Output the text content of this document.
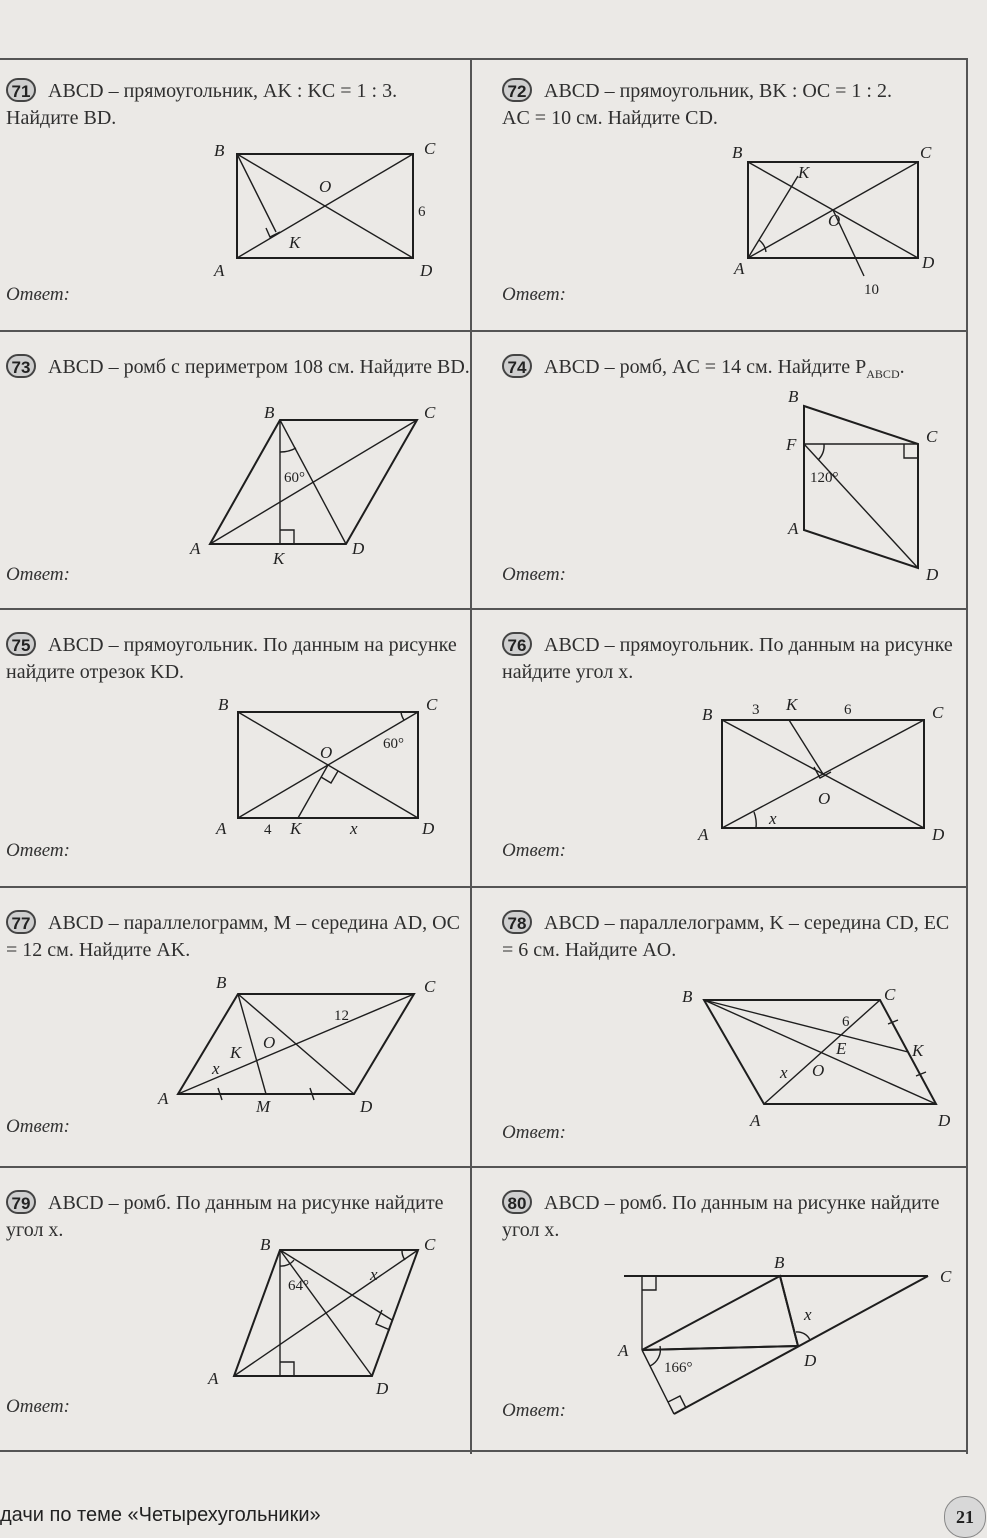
71 ABCD – прямоугольник, AK : KC = 1 : 3.
Найдите BD.
B	C
A	D
O
K
6
Ответ:
72 ABCD – прямоугольник, BK : OC = 1 : 2.
AC = 10 см. Найдите CD.
B	C
A	D
O
K
10
Ответ:
73 ABCD – ромб с периметром 108 см. Найдите BD.
B	C
A	D
K
60°
Ответ:
74 ABCD – ромб, AC = 14 см. Найдите $P_{ABCD}$.
B
C
A
D
F
120°
Ответ:
75 ABCD – прямоугольник. По данным на рисунке найдите отрезок KD.
B	C
A	D
O
K
60°
4	x
Ответ:
76 ABCD – прямоугольник. По данным на рисунке найдите угол x.
B	C
A	D
O
K
3	6
x
Ответ:
77 ABCD – параллелограмм, M – середина AD, OC = 12 см. Найдите AK.
B	C
A	D
O
K
M
12
x
Ответ:
78 ABCD – параллелограмм, K – середина CD, EC = 6 см. Найдите AO.
B	C
A	D
O
K
E
6
x
Ответ:
79 ABCD – ромб. По данным на рисунке найдите угол x.
B	C
A
D
64°
x
Ответ:
80 ABCD – ромб. По данным на рисунке найдите угол x.
B
C
A
D
166°
x
Ответ:
дачи по теме «Четырехугольники»	21
